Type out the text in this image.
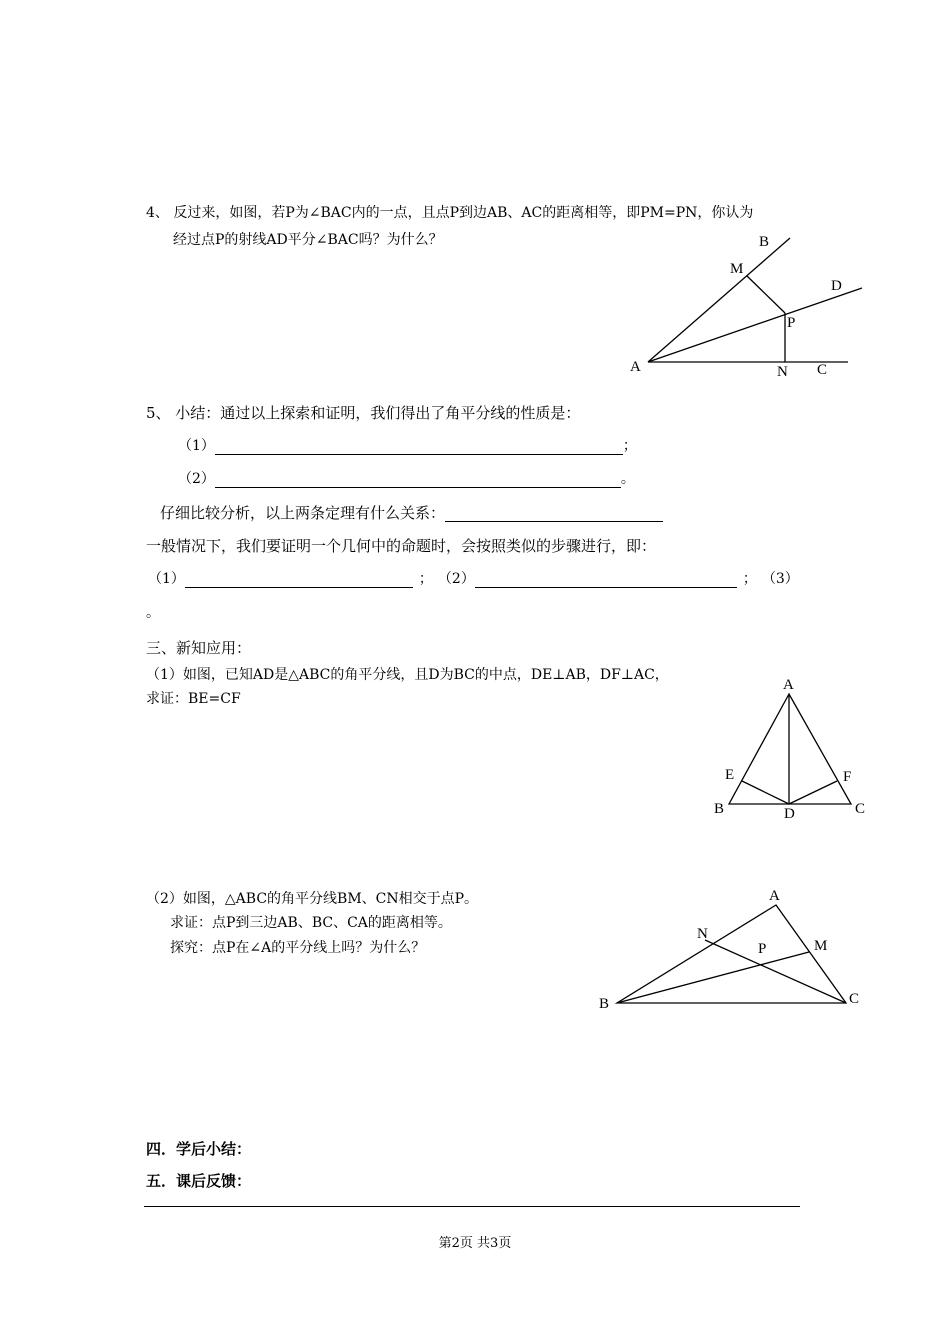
4、 反过来，如图，若P为∠BAC内的一点，且点P到边AB、AC的距离相等，即PM=PN，你认为
经过点P的射线AD平分∠BAC吗？为什么？
5、 小结：通过以上探索和证明，我们得出了角平分线的性质是：
（1）	；
（2）	。
仔细比较分析，以上两条定理有什么关系：
一般情况下，我们要证明一个几何中的命题时，会按照类似的步骤进行，即：
（1）	； （2）	； （3）
。
三、新知应用：
（1）如图，已知AD是△ABC的角平分线，且D为BC的中点，DE⊥AB，DF⊥AC，
求证：BE=CF
（2）如图，△ABC的角平分线BM、CN相交于点P。
求证：点P到三边AB、BC、CA的距离相等。
探究：点P在∠A的平分线上吗？为什么？
四．学后小结：
五．课后反馈：
第2页 共3页
B
M
D
P
A	N C
A
E	F
B	D	C
A
N
P	M
B	C
